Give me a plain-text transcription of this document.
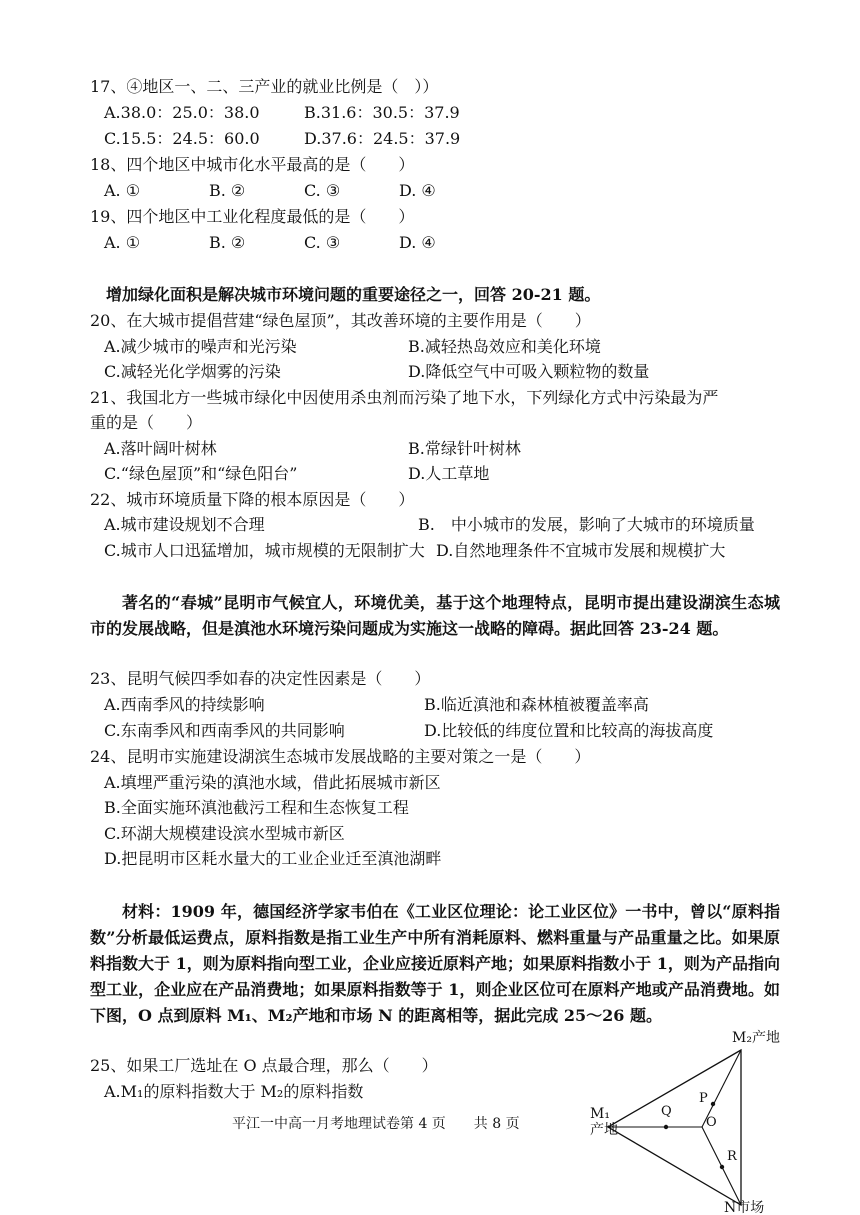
17、④地区一、二、三产业的就业比例是（　））
A.38.0：25.0：38.0	B.31.6：30.5：37.9
C.15.5：24.5：60.0	D.37.6：24.5：37.9
18、四个地区中城市化水平最高的是（　　）
A. ①	B. ②	C. ③	D. ④
19、四个地区中工业化程度最低的是（　　）
A. ①	B. ②	C. ③	D. ④
增加绿化面积是解决城市环境问题的重要途径之一，回答 20-21 题。
20、在大城市提倡营建“绿色屋顶”，其改善环境的主要作用是（　　）
A.减少城市的噪声和光污染	B.减轻热岛效应和美化环境
C.减轻光化学烟雾的污染	D.降低空气中可吸入颗粒物的数量
21、我国北方一些城市绿化中因使用杀虫剂而污染了地下水，下列绿化方式中污染最为严
重的是（　　）
A.落叶阔叶树林	B.常绿针叶树林
C.“绿色屋顶”和“绿色阳台”	D.人工草地
22、城市环境质量下降的根本原因是（　　）
A.城市建设规划不合理	B.　中小城市的发展，影响了大城市的环境质量
C.城市人口迅猛增加，城市规模的无限制扩大 D.自然地理条件不宜城市发展和规模扩大
著名的“春城”昆明市气候宜人，环境优美，基于这个地理特点，昆明市提出建设湖滨生态城市的发展战略，但是滇池水环境污染问题成为实施这一战略的障碍。据此回答 23-24 题。
23、昆明气候四季如春的决定性因素是（　　）
A.西南季风的持续影响	B.临近滇池和森林植被覆盖率高
C.东南季风和西南季风的共同影响	D.比较低的纬度位置和比较高的海拔高度
24、昆明市实施建设湖滨生态城市发展战略的主要对策之一是（　　）
A.填埋严重污染的滇池水域，借此拓展城市新区
B.全面实施环滇池截污工程和生态恢复工程
C.环湖大规模建设滨水型城市新区
D.把昆明市区耗水量大的工业企业迁至滇池湖畔
材料：1909 年，德国经济学家韦伯在《工业区位理论：论工业区位》一书中，曾以“原料指数”分析最低运费点，原料指数是指工业生产中所有消耗原料、燃料重量与产品重量之比。如果原料指数大于 1，则为原料指向型工业，企业应接近原料产地；如果原料指数小于 1，则为产品指向型工业，企业应在产品消费地；如果原料指数等于 1，则企业区位可在原料产地或产品消费地。如下图，O 点到原料 M₁、M₂产地和市场 N 的距离相等，据此完成 25～26 题。
25、如果工厂选址在 O 点最合理，那么（　　）
A.M₁的原料指数大于 M₂的原料指数
平江一中高一月考地理试卷第 4 页　　共 8 页
M₂产地
M₁
产地
N市场
O
P
Q
R
